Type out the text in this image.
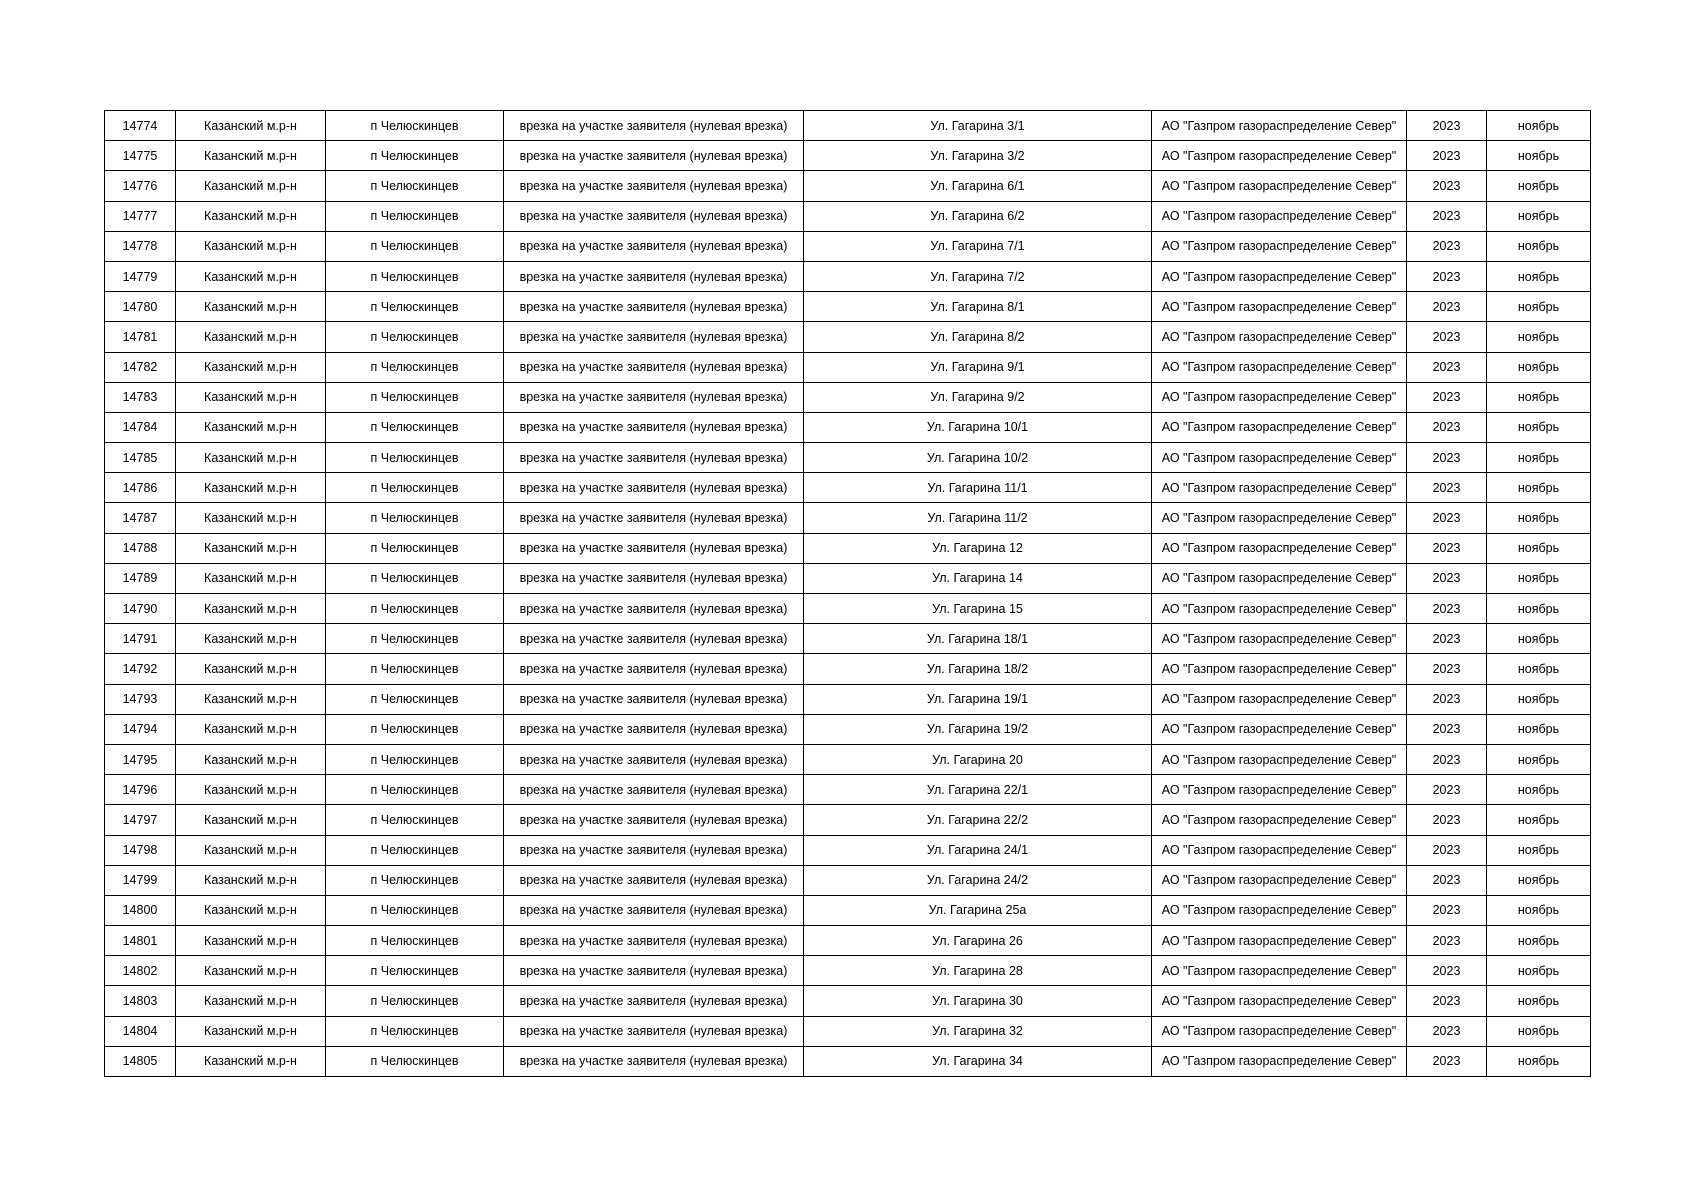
14774	Казанский м.р-н	п Челюскинцев	врезка на участке заявителя (нулевая врезка)	Ул. Гагарина 3/1	АО "Газпром газораспределение Север"	2023	ноябрь
14775	Казанский м.р-н	п Челюскинцев	врезка на участке заявителя (нулевая врезка)	Ул. Гагарина 3/2	АО "Газпром газораспределение Север"	2023	ноябрь
14776	Казанский м.р-н	п Челюскинцев	врезка на участке заявителя (нулевая врезка)	Ул. Гагарина 6/1	АО "Газпром газораспределение Север"	2023	ноябрь
14777	Казанский м.р-н	п Челюскинцев	врезка на участке заявителя (нулевая врезка)	Ул. Гагарина 6/2	АО "Газпром газораспределение Север"	2023	ноябрь
14778	Казанский м.р-н	п Челюскинцев	врезка на участке заявителя (нулевая врезка)	Ул. Гагарина 7/1	АО "Газпром газораспределение Север"	2023	ноябрь
14779	Казанский м.р-н	п Челюскинцев	врезка на участке заявителя (нулевая врезка)	Ул. Гагарина 7/2	АО "Газпром газораспределение Север"	2023	ноябрь
14780	Казанский м.р-н	п Челюскинцев	врезка на участке заявителя (нулевая врезка)	Ул. Гагарина 8/1	АО "Газпром газораспределение Север"	2023	ноябрь
14781	Казанский м.р-н	п Челюскинцев	врезка на участке заявителя (нулевая врезка)	Ул. Гагарина 8/2	АО "Газпром газораспределение Север"	2023	ноябрь
14782	Казанский м.р-н	п Челюскинцев	врезка на участке заявителя (нулевая врезка)	Ул. Гагарина 9/1	АО "Газпром газораспределение Север"	2023	ноябрь
14783	Казанский м.р-н	п Челюскинцев	врезка на участке заявителя (нулевая врезка)	Ул. Гагарина 9/2	АО "Газпром газораспределение Север"	2023	ноябрь
14784	Казанский м.р-н	п Челюскинцев	врезка на участке заявителя (нулевая врезка)	Ул. Гагарина 10/1	АО "Газпром газораспределение Север"	2023	ноябрь
14785	Казанский м.р-н	п Челюскинцев	врезка на участке заявителя (нулевая врезка)	Ул. Гагарина 10/2	АО "Газпром газораспределение Север"	2023	ноябрь
14786	Казанский м.р-н	п Челюскинцев	врезка на участке заявителя (нулевая врезка)	Ул. Гагарина 11/1	АО "Газпром газораспределение Север"	2023	ноябрь
14787	Казанский м.р-н	п Челюскинцев	врезка на участке заявителя (нулевая врезка)	Ул. Гагарина 11/2	АО "Газпром газораспределение Север"	2023	ноябрь
14788	Казанский м.р-н	п Челюскинцев	врезка на участке заявителя (нулевая врезка)	Ул. Гагарина 12	АО "Газпром газораспределение Север"	2023	ноябрь
14789	Казанский м.р-н	п Челюскинцев	врезка на участке заявителя (нулевая врезка)	Ул. Гагарина 14	АО "Газпром газораспределение Север"	2023	ноябрь
14790	Казанский м.р-н	п Челюскинцев	врезка на участке заявителя (нулевая врезка)	Ул. Гагарина 15	АО "Газпром газораспределение Север"	2023	ноябрь
14791	Казанский м.р-н	п Челюскинцев	врезка на участке заявителя (нулевая врезка)	Ул. Гагарина 18/1	АО "Газпром газораспределение Север"	2023	ноябрь
14792	Казанский м.р-н	п Челюскинцев	врезка на участке заявителя (нулевая врезка)	Ул. Гагарина 18/2	АО "Газпром газораспределение Север"	2023	ноябрь
14793	Казанский м.р-н	п Челюскинцев	врезка на участке заявителя (нулевая врезка)	Ул. Гагарина 19/1	АО "Газпром газораспределение Север"	2023	ноябрь
14794	Казанский м.р-н	п Челюскинцев	врезка на участке заявителя (нулевая врезка)	Ул. Гагарина 19/2	АО "Газпром газораспределение Север"	2023	ноябрь
14795	Казанский м.р-н	п Челюскинцев	врезка на участке заявителя (нулевая врезка)	Ул. Гагарина 20	АО "Газпром газораспределение Север"	2023	ноябрь
14796	Казанский м.р-н	п Челюскинцев	врезка на участке заявителя (нулевая врезка)	Ул. Гагарина 22/1	АО "Газпром газораспределение Север"	2023	ноябрь
14797	Казанский м.р-н	п Челюскинцев	врезка на участке заявителя (нулевая врезка)	Ул. Гагарина 22/2	АО "Газпром газораспределение Север"	2023	ноябрь
14798	Казанский м.р-н	п Челюскинцев	врезка на участке заявителя (нулевая врезка)	Ул. Гагарина 24/1	АО "Газпром газораспределение Север"	2023	ноябрь
14799	Казанский м.р-н	п Челюскинцев	врезка на участке заявителя (нулевая врезка)	Ул. Гагарина 24/2	АО "Газпром газораспределение Север"	2023	ноябрь
14800	Казанский м.р-н	п Челюскинцев	врезка на участке заявителя (нулевая врезка)	Ул. Гагарина 25а	АО "Газпром газораспределение Север"	2023	ноябрь
14801	Казанский м.р-н	п Челюскинцев	врезка на участке заявителя (нулевая врезка)	Ул. Гагарина 26	АО "Газпром газораспределение Север"	2023	ноябрь
14802	Казанский м.р-н	п Челюскинцев	врезка на участке заявителя (нулевая врезка)	Ул. Гагарина 28	АО "Газпром газораспределение Север"	2023	ноябрь
14803	Казанский м.р-н	п Челюскинцев	врезка на участке заявителя (нулевая врезка)	Ул. Гагарина 30	АО "Газпром газораспределение Север"	2023	ноябрь
14804	Казанский м.р-н	п Челюскинцев	врезка на участке заявителя (нулевая врезка)	Ул. Гагарина 32	АО "Газпром газораспределение Север"	2023	ноябрь
14805	Казанский м.р-н	п Челюскинцев	врезка на участке заявителя (нулевая врезка)	Ул. Гагарина 34	АО "Газпром газораспределение Север"	2023	ноябрь
